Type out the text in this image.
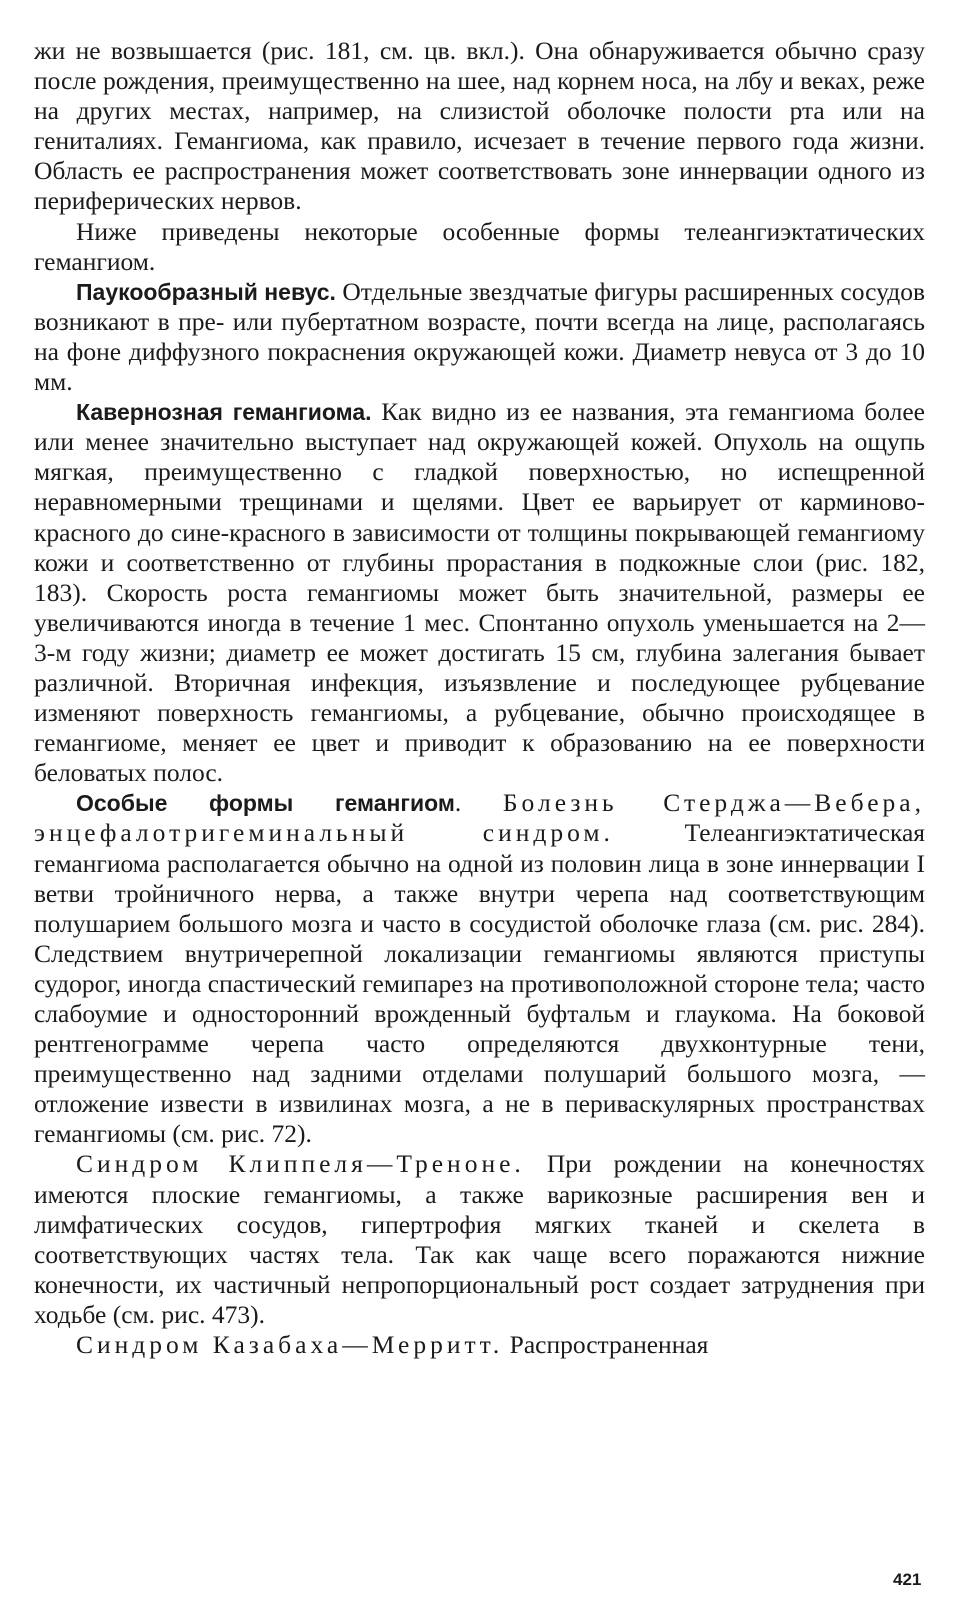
жи не возвышается (рис. 181, см. цв. вкл.). Она обнаруживается обычно сразу после рождения, преимущественно на шее, над корнем носа, на лбу и веках, реже на других местах, например, на слизистой оболочке полости рта или на гениталиях. Гемангиома, как правило, исчезает в течение первого года жизни. Область ее распространения может соответствовать зоне иннервации одного из периферических нервов.

Ниже приведены некоторые особенные формы телеангиэктатических гемангиом.

Паукообразный невус. Отдельные звездчатые фигуры расширенных сосудов возникают в пре- или пубертатном возрасте, почти всегда на лице, располагаясь на фоне диффузного покраснения окружающей кожи. Диаметр невуса от 3 до 10 мм.

Кавернозная гемангиома. Как видно из ее названия, эта гемангиома более или менее значительно выступает над окружающей кожей. Опухоль на ощупь мягкая, преимущественно с гладкой поверхностью, но испещренной неравномерными трещинами и щелями. Цвет ее варьирует от карминово-красного до сине-красного в зависимости от толщины покрывающей гемангиому кожи и соответственно от глубины прорастания в подкожные слои (рис. 182, 183). Скорость роста гемангиомы может быть значительной, размеры ее увеличиваются иногда в течение 1 мес. Спонтанно опухоль уменьшается на 2—3-м году жизни; диаметр ее может достигать 15 см, глубина залегания бывает различной. Вторичная инфекция, изъязвление и последующее рубцевание изменяют поверхность гемангиомы, а рубцевание, обычно происходящее в гемангиоме, меняет ее цвет и приводит к образованию на ее поверхности беловатых полос.

Особые формы гемангиом. Болезнь Стерджа—Вебера, энцефалотригеминальный синдром. Телеангиэктатическая гемангиома располагается обычно на одной из половин лица в зоне иннервации I ветви тройничного нерва, а также внутри черепа над соответствующим полушарием большого мозга и часто в сосудистой оболочке глаза (см. рис. 284). Следствием внутричерепной локализации гемангиомы являются приступы судорог, иногда спастический гемипарез на противоположной стороне тела; часто слабоумие и односторонний врожденный буфтальм и глаукома. На боковой рентгенограмме черепа часто определяются двухконтурные тени, преимущественно над задними отделами полушарий большого мозга, — отложение извести в извилинах мозга, а не в периваскулярных пространствах гемангиомы (см. рис. 72).

Синдром Клиппеля—Треноне. При рождении на конечностях имеются плоские гемангиомы, а также варикозные расширения вен и лимфатических сосудов, гипертрофия мягких тканей и скелета в соответствующих частях тела. Так как чаще всего поражаются нижние конечности, их частичный непропорциональный рост создает затруднения при ходьбе (см. рис. 473).

Синдром Казабаха—Мерритт. Распространенная

421
